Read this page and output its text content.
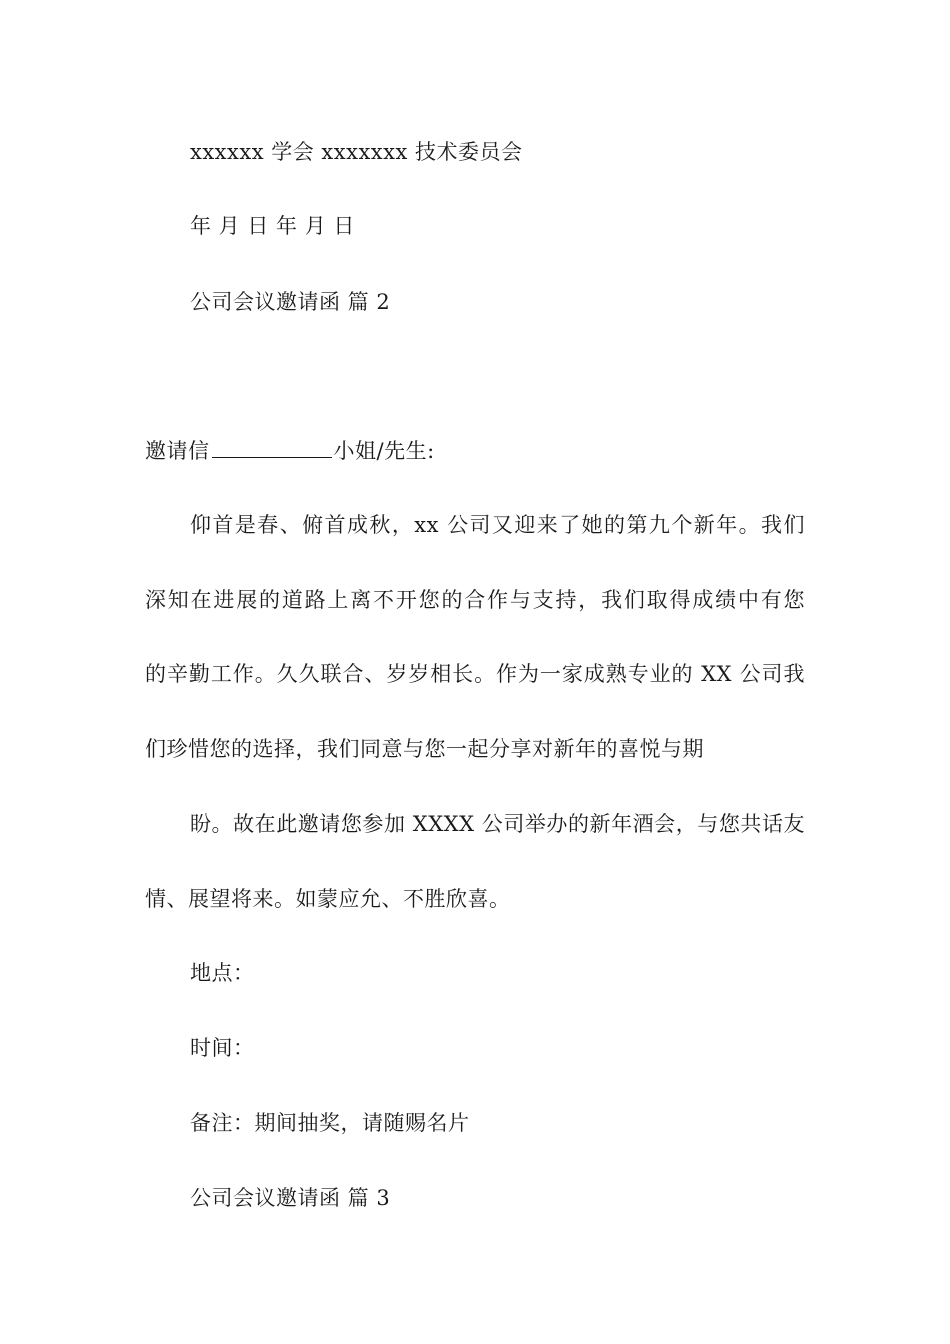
xxxxxx 学会 xxxxxxx 技术委员会
年 月 日 年 月 日
公司会议邀请函 篇 2
邀请信	小姐/先生:
仰首是春、俯首成秋，xx 公司又迎来了她的第九个新年。我们
深知在进展的道路上离不开您的合作与支持，我们取得成绩中有您
的辛勤工作。久久联合、岁岁相长。作为一家成熟专业的 XX 公司我
们珍惜您的选择，我们同意与您一起分享对新年的喜悦与期
盼。故在此邀请您参加 XXXX 公司举办的新年酒会，与您共话友
情、展望将来。如蒙应允、不胜欣喜。
地点：
时间：
备注：期间抽奖，请随赐名片
公司会议邀请函 篇 3
